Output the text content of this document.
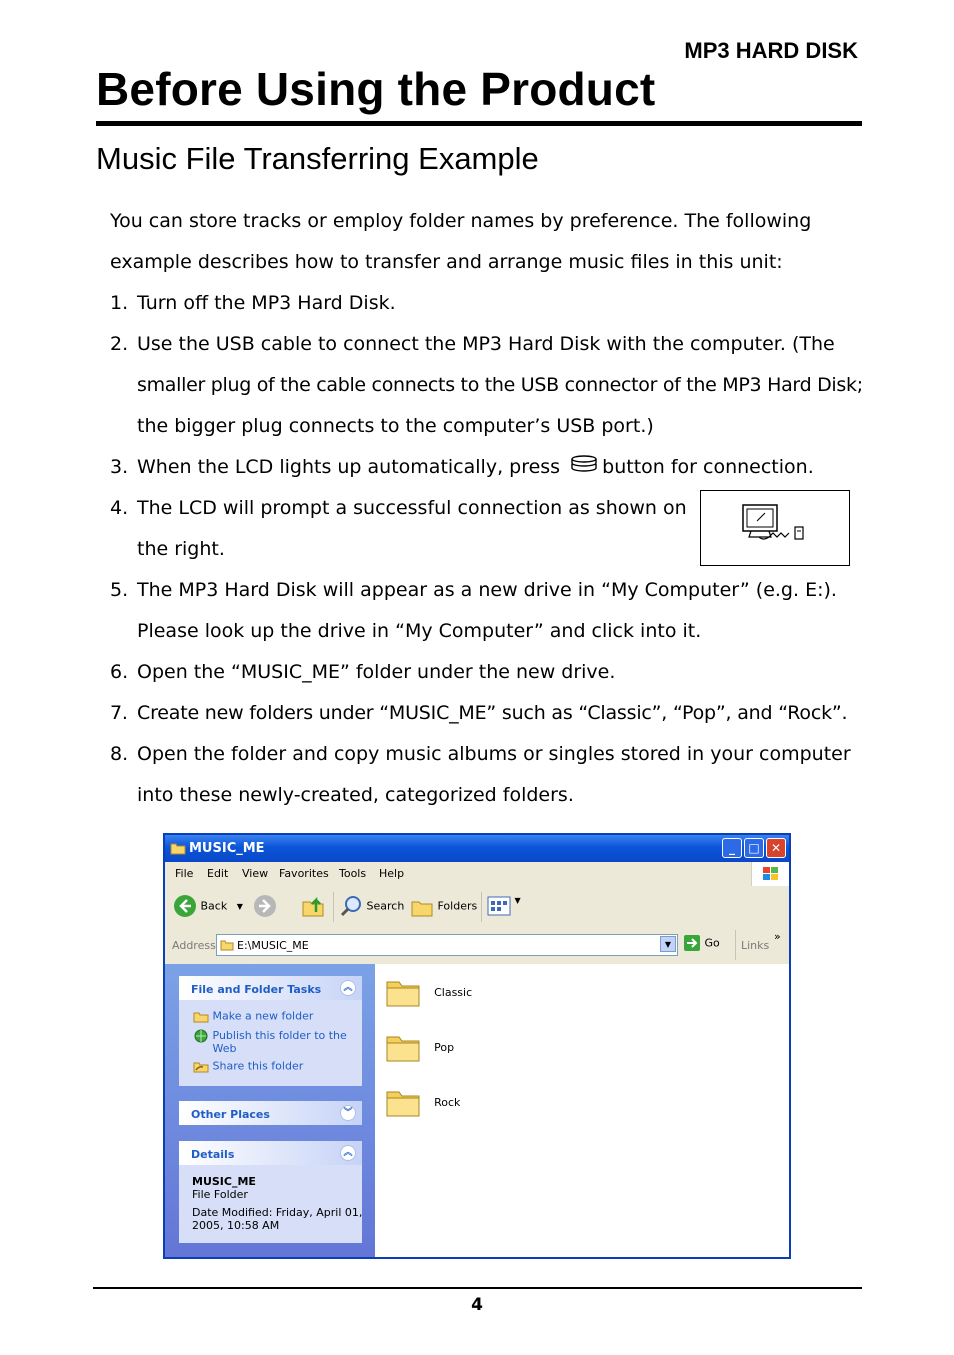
MP3 HARD DISK
Before Using the Product
Music File Transferring Example
You can store tracks or employ folder names by preference. The following
example describes how to transfer and arrange music files in this unit:
1. Turn off the MP3 Hard Disk.
2. Use the USB cable to connect the MP3 Hard Disk with the computer. (The
smaller plug of the cable connects to the USB connector of the MP3 Hard Disk;
the bigger plug connects to the computer’s USB port.)
3. When the LCD lights up automatically, press button for connection.
4. The LCD will prompt a successful connection as shown on
the right.
5. The MP3 Hard Disk will appear as a new drive in “My Computer” (e.g. E:).
Please look up the drive in “My Computer” and click into it.
6. Open the “MUSIC_ME” folder under the new drive.
7. Create new folders under “MUSIC_ME” such as “Classic”, “Pop”, and “Rock”.
8. Open the folder and copy music albums or singles stored in your computer
into these newly-created, categorized folders.
MUSIC_ME	_	□ ✕
File Edit View Favorites Tools Help
Back ▼	Search	Folders	▼
Address E:\MUSIC_ME	▼	Go Links
»
File and Folder Tasks	︽
Make a new folder
Publish this folder to the
Web
Share this folder
Other Places	︾
Details	︽
MUSIC_ME
File Folder
Date Modified: Friday, April 01,
2005, 10:58 AM
Classic
Pop
Rock
4
